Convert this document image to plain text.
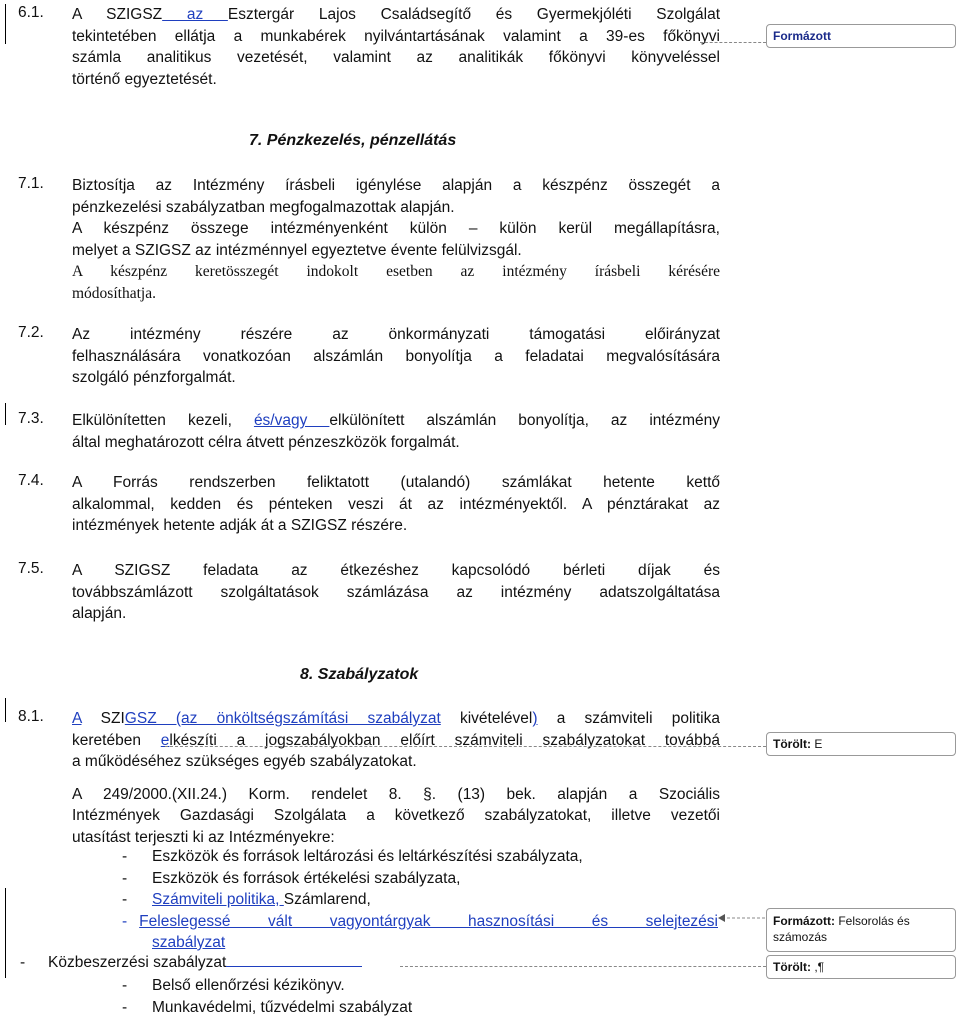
6.1. A SZIGSZ az Esztergár Lajos Családsegítő és Gyermekjóléti Szolgálat
tekintetében ellátja a munkabérek nyilvántartásának valamint a 39-es főkönyvi
számla analitikus vezetését, valamint az analitikák főkönyvi könyveléssel
történő egyeztetését.
Formázott
7. Pénzkezelés, pénzellátás
7.1. Biztosítja az Intézmény írásbeli igénylése alapján a készpénz összegét a
pénzkezelési szabályzatban megfogalmazottak alapján.
A készpénz összege intézményenként külön – külön kerül megállapításra,
melyet a SZIGSZ az intézménnyel egyeztetve évente felülvizsgál.
A készpénz keretösszegét indokolt esetben az intézmény írásbeli kérésére
módosíthatja.
7.2. Az intézmény részére az önkormányzati támogatási előirányzat
felhasználására vonatkozóan alszámlán bonyolítja a feladatai megvalósítására
szolgáló pénzforgalmát.
7.3. Elkülönítetten kezeli, és/vagy elkülönített alszámlán bonyolítja, az intézmény
által meghatározott célra átvett pénzeszközök forgalmát.
7.4. A Forrás rendszerben feliktatott (utalandó) számlákat hetente kettő
alkalommal, kedden és pénteken veszi át az intézményektől. A pénztárakat az
intézmények hetente adják át a SZIGSZ részére.
7.5. A SZIGSZ feladata az étkezéshez kapcsolódó bérleti díjak és
továbbszámlázott szolgáltatások számlázása az intézmény adatszolgáltatása
alapján.
8. Szabályzatok
8.1. A SZIGSZ (az önköltségszámítási szabályzat kivételével) a számviteli politika
keretében elkészíti a jogszabályokban előírt számviteli szabályzatokat továbbá
a működéséhez szükséges egyéb szabályzatokat.
A 249/2000.(XII.24.) Korm. rendelet 8. §. (13) bek. alapján a Szociális
Intézmények Gazdasági Szolgálata a következő szabályzatokat, illetve vezetői
utasítást terjeszti ki az Intézményekre:
Törölt: E
- Eszközök és források leltározási és leltárkészítési szabályzata,
- Eszközök és források értékelési szabályzata,
- Számviteli politika, Számlarend,
- Feleslegessé vált vagyontárgyak hasznosítási és selejtezési
szabályzat
- Közbeszerzési szabályzat
- Belső ellenőrzési kézikönyv.
- Munkavédelmi, tűzvédelmi szabályzat
Formázott: Felsorolás és számozás
Törölt: ,¶
